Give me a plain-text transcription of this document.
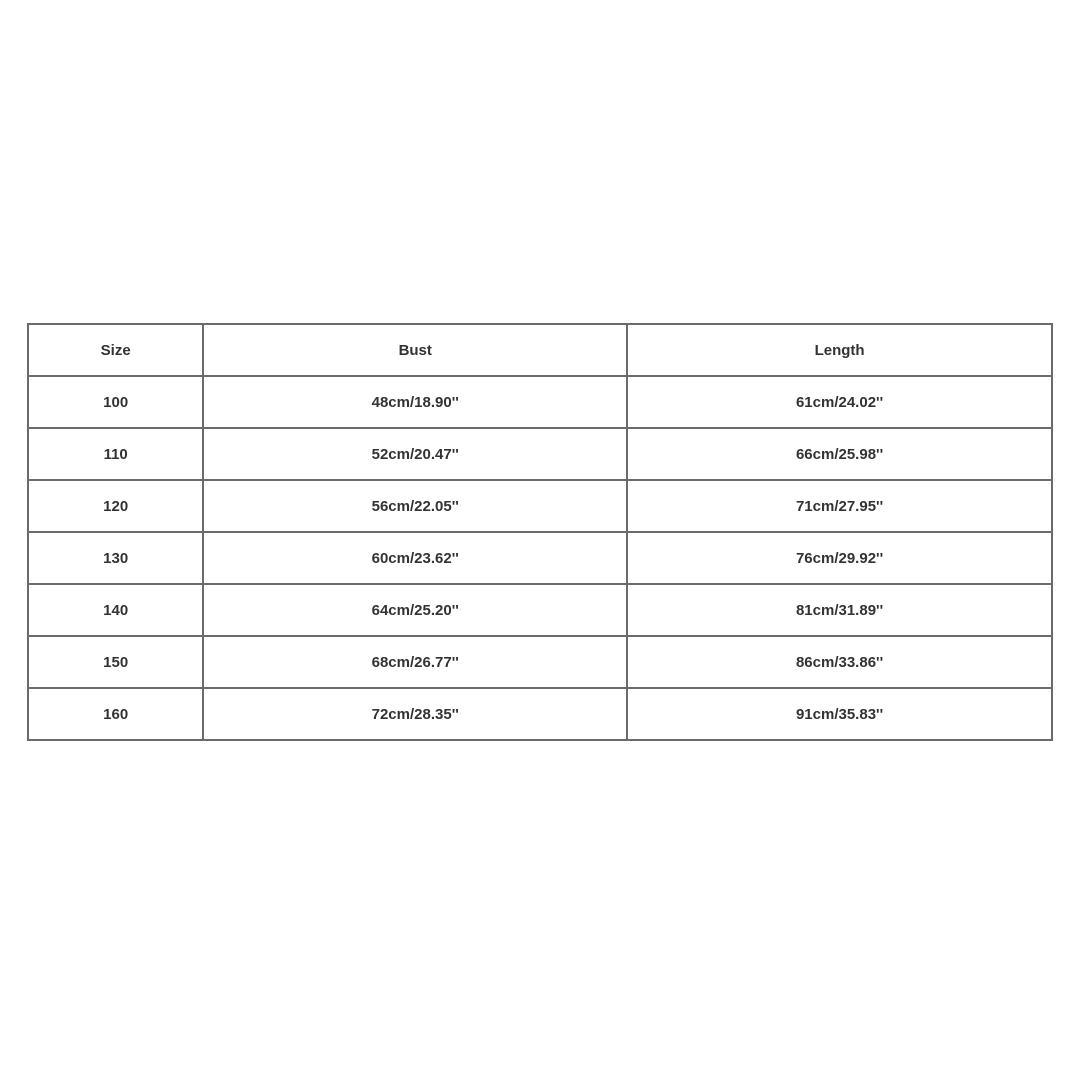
Size	Bust	Length
100	48cm/18.90''	61cm/24.02''
110	52cm/20.47''	66cm/25.98''
120	56cm/22.05''	71cm/27.95''
130	60cm/23.62''	76cm/29.92''
140	64cm/25.20''	81cm/31.89''
150	68cm/26.77''	86cm/33.86''
160	72cm/28.35''	91cm/35.83''
